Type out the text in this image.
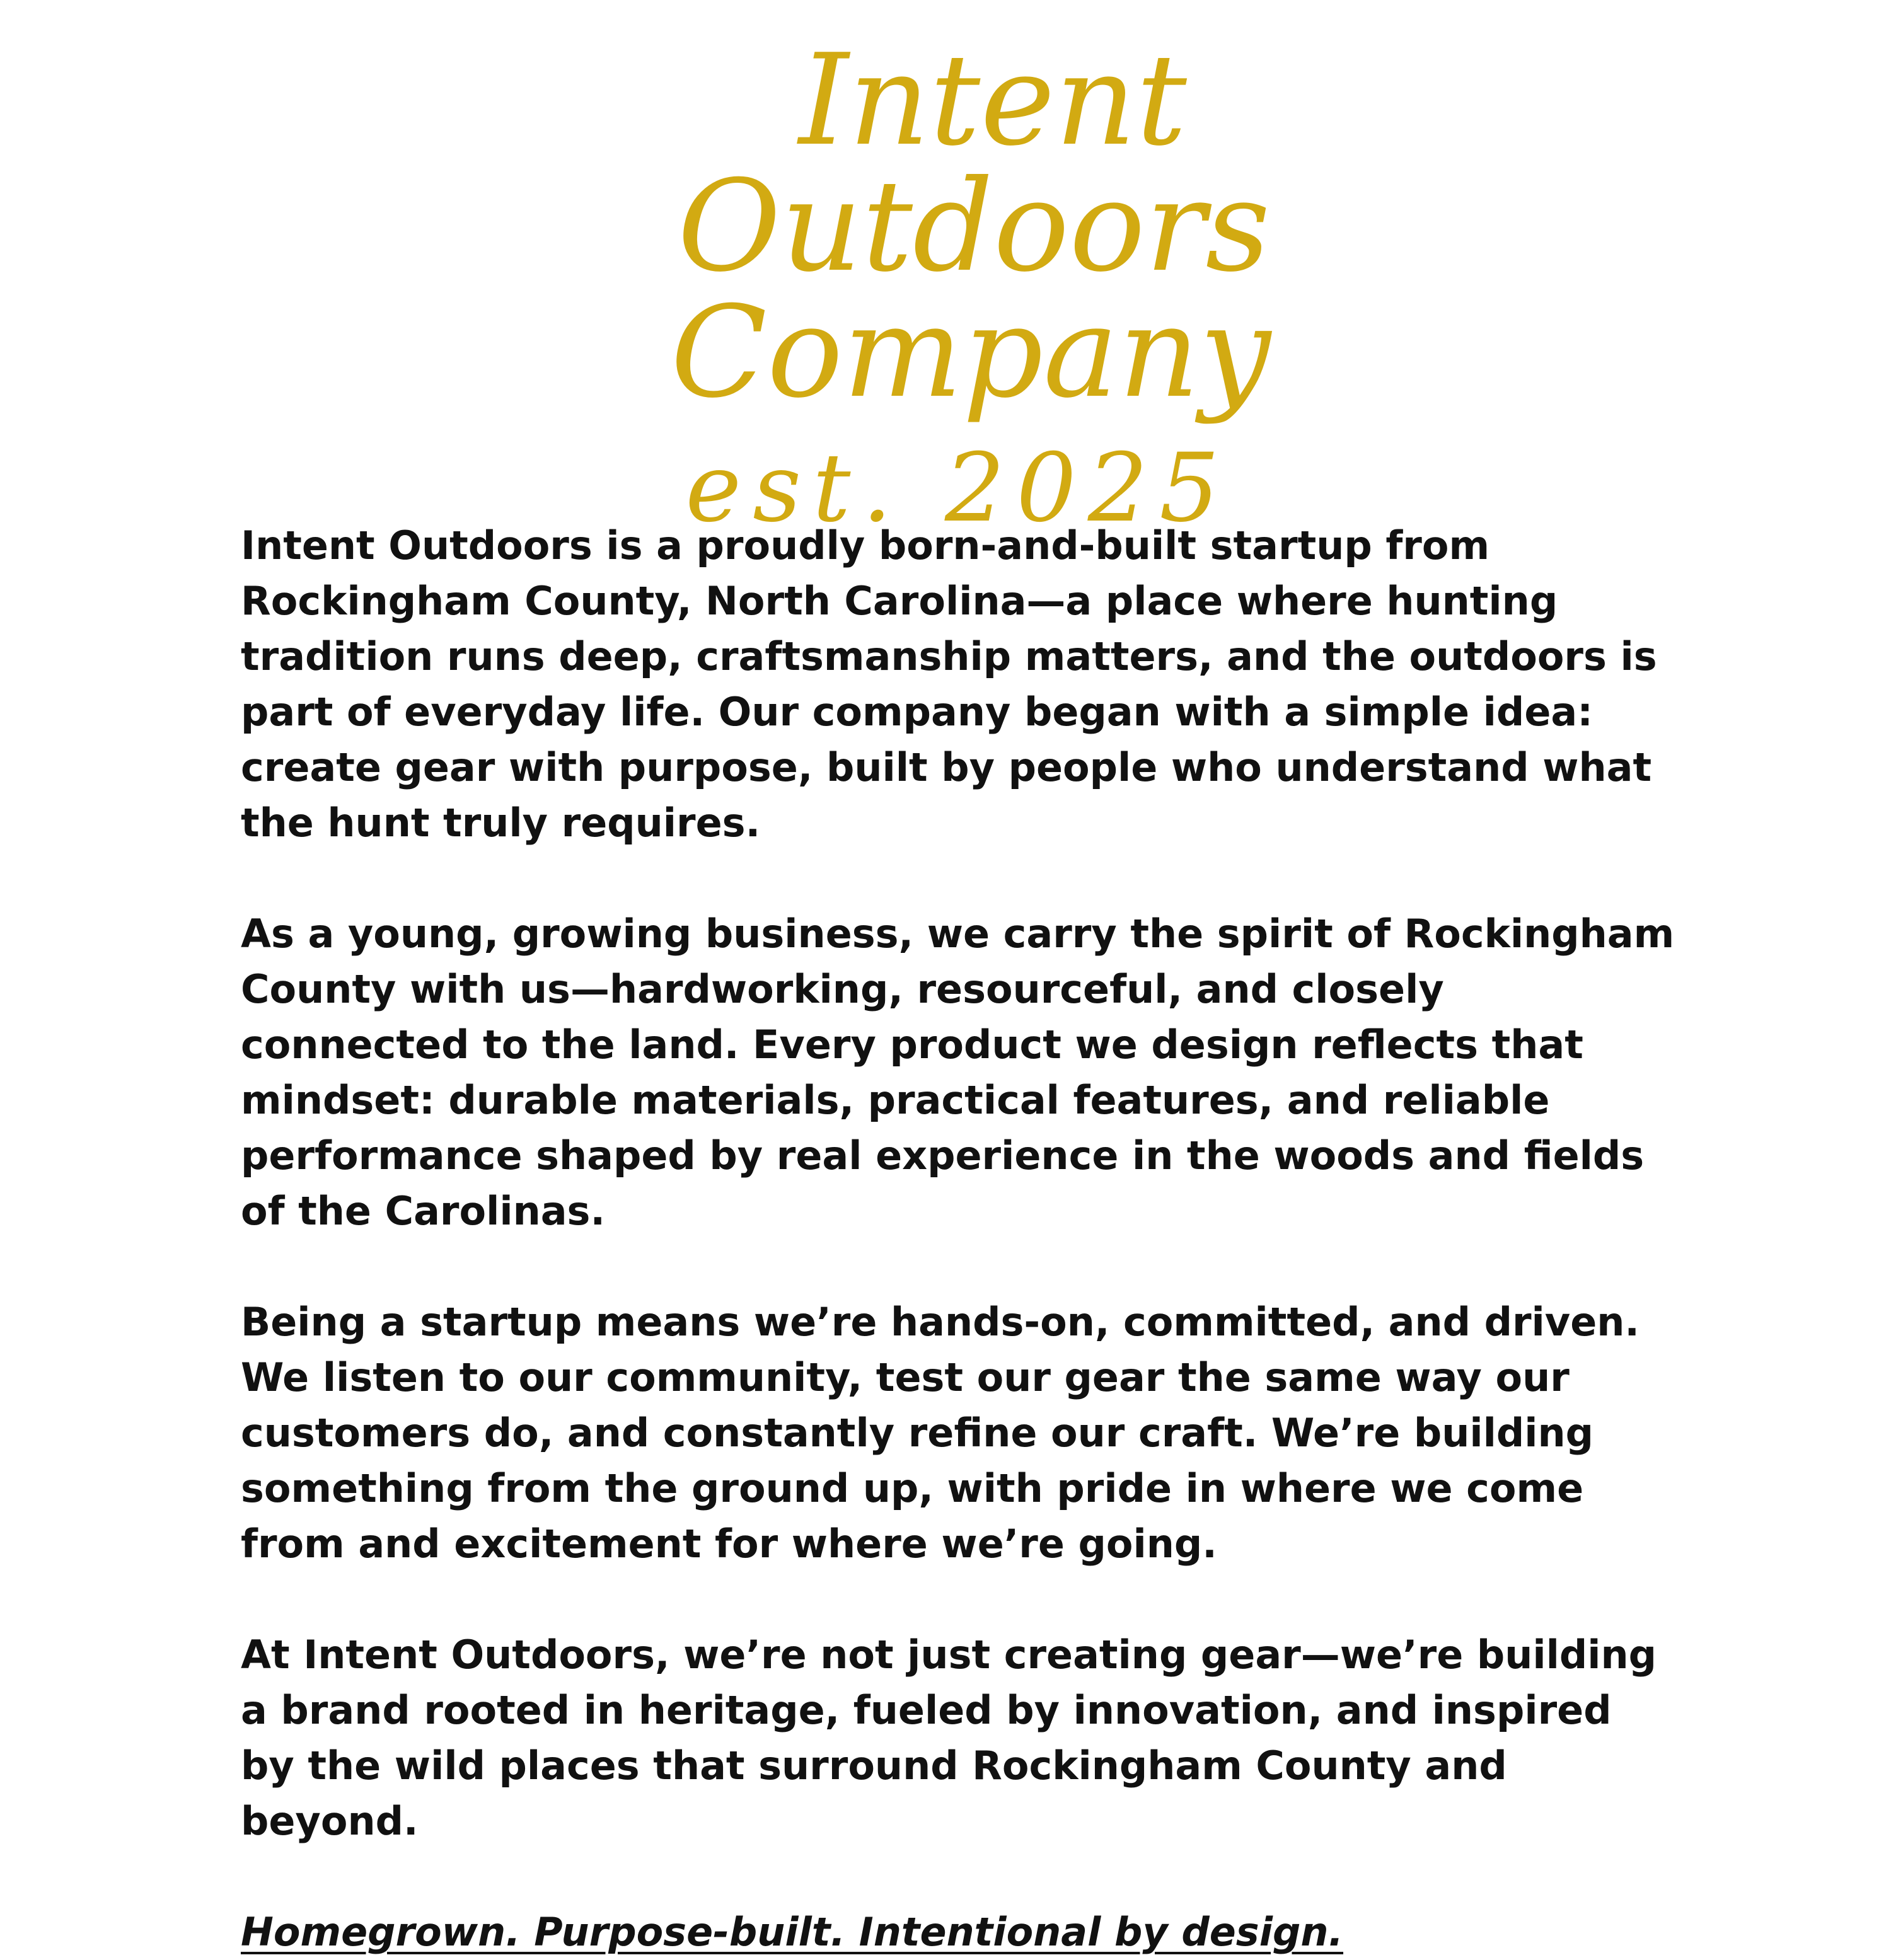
Intent
Outdoors
Company
est. 2025

Intent Outdoors is a proudly born-and-built startup from Rockingham County, North Carolina—a place where hunting tradition runs deep, craftsmanship matters, and the outdoors is part of everyday life. Our company began with a simple idea: create gear with purpose, built by people who understand what the hunt truly requires.

As a young, growing business, we carry the spirit of Rockingham County with us—hardworking, resourceful, and closely connected to the land. Every product we design reflects that mindset: durable materials, practical features, and reliable performance shaped by real experience in the woods and fields of the Carolinas.

Being a startup means we’re hands-on, committed, and driven. We listen to our community, test our gear the same way our customers do, and constantly refine our craft. We’re building something from the ground up, with pride in where we come from and excitement for where we’re going.

At Intent Outdoors, we’re not just creating gear—we’re building a brand rooted in heritage, fueled by innovation, and inspired by the wild places that surround Rockingham County and beyond.

Homegrown. Purpose-built. Intentional by design.
